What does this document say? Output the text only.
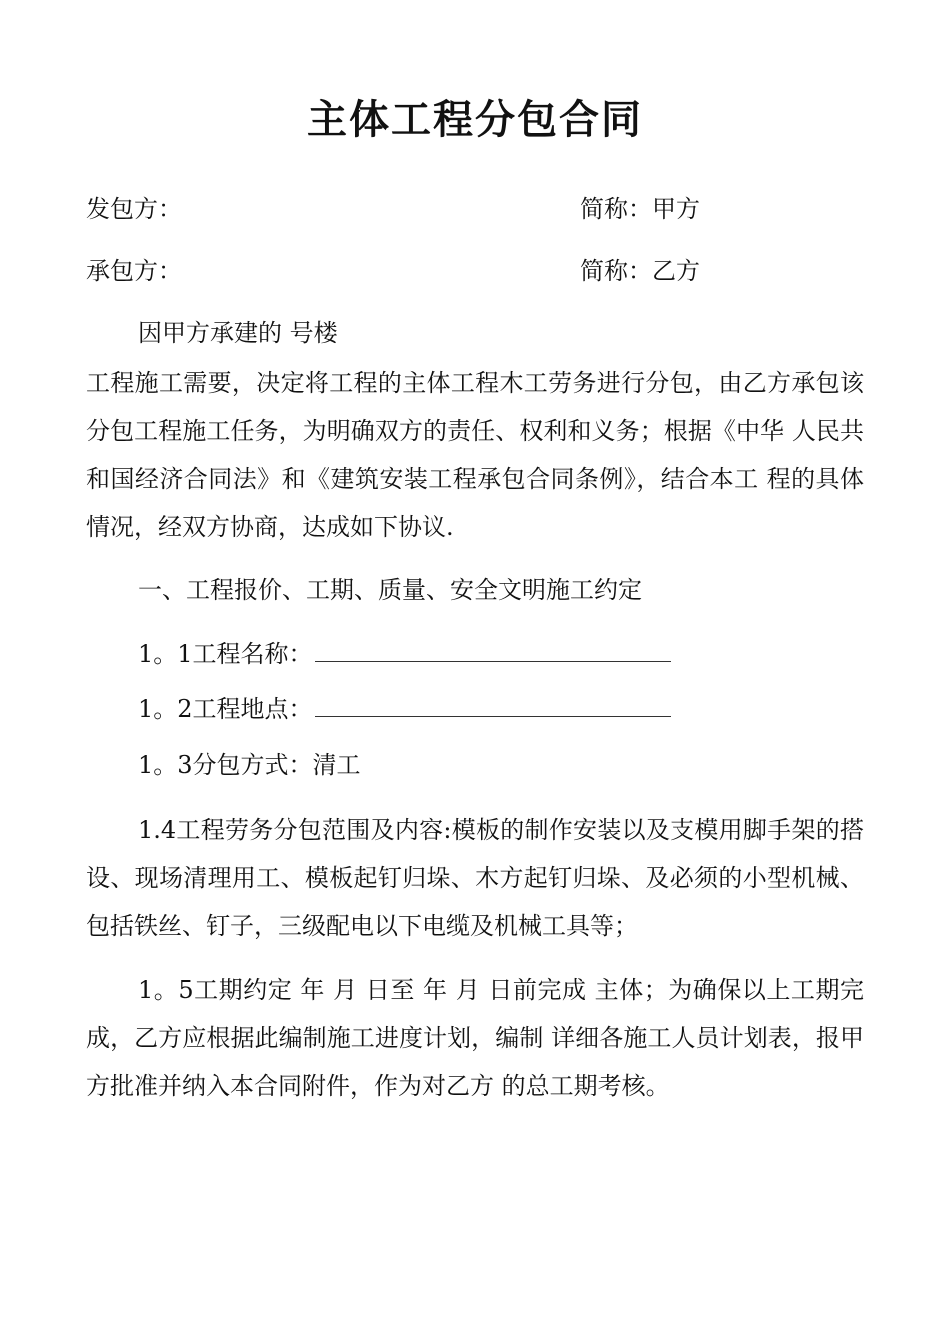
主体工程分包合同
发包方：	简称：甲方
承包方：	简称：乙方
因甲方承建的 号楼
工程施工需要，决定将工程的主体工程木工劳务进行分包，由乙方承包该分包工程施工任务，为明确双方的责任、权利和义务；根据《中华 人民共和国经济合同法》和《建筑安装工程承包合同条例》，结合本工 程的具体情况，经双方协商，达成如下协议.
一、工程报价、工期、质量、安全文明施工约定
1。1工程名称：
1。2工程地点：
1。3分包方式：清工
1.4工程劳务分包范围及内容:模板的制作安装以及支模用脚手架的搭设、现场清理用工、模板起钉归垛、木方起钉归垛、及必须的小型机械、包括铁丝、钉子，三级配电以下电缆及机械工具等；
1。5工期约定 年 月 日至 年 月 日前完成 主体；为确保以上工期完成，乙方应根据此编制施工进度计划，编制 详细各施工人员计划表，报甲方批准并纳入本合同附件，作为对乙方 的总工期考核。
